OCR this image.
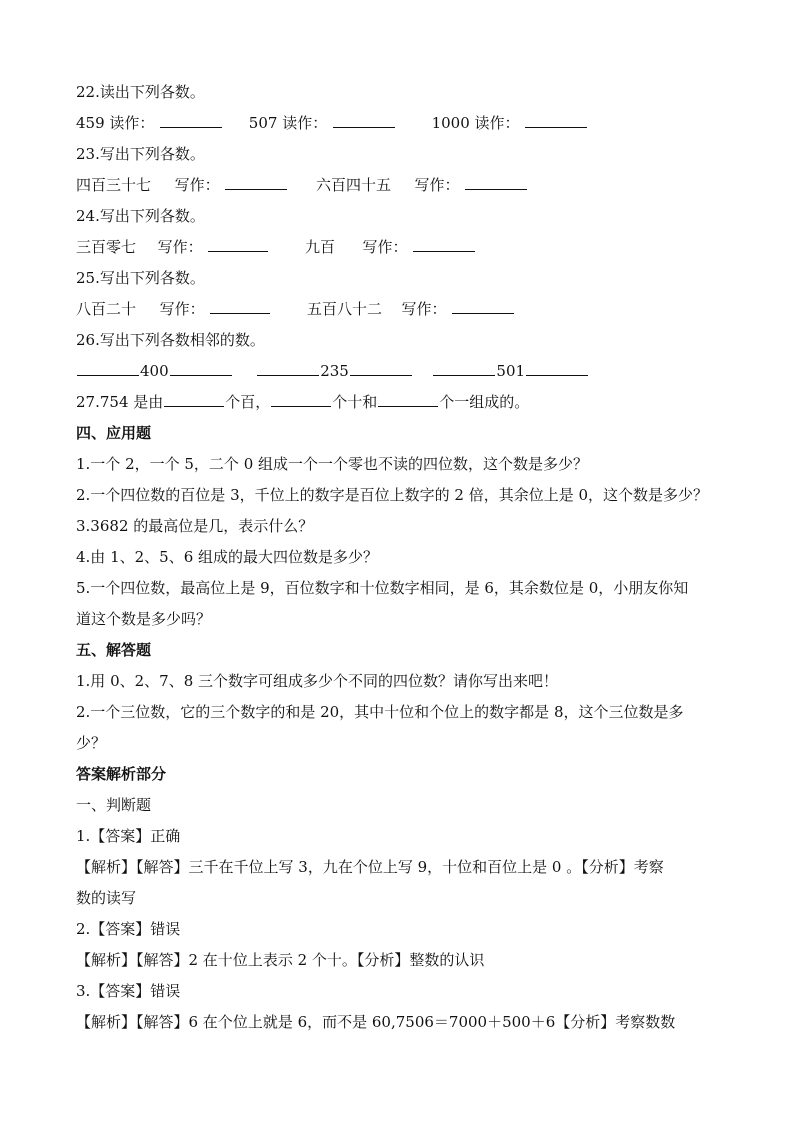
22.读出下列各数。
459 读作：	507 读作：	1000 读作：
23.写出下列各数。
四百三十七 写作：	六百四十五 写作：
24.写出下列各数。
三百零七 写作：	九百 写作：
25.写出下列各数。
八百二十 写作：	五百八十二 写作：
26.写出下列各数相邻的数。
400	235	501
27.754 是由	个百，	个十和	个一组成的。
四、应用题
1.一个 2，一个 5，二个 0 组成一个一个零也不读的四位数，这个数是多少？
2.一个四位数的百位是 3，千位上的数字是百位上数字的 2 倍，其余位上是 0，这个数是多少？
3.3682 的最高位是几，表示什么？
4.由 1、2、5、6 组成的最大四位数是多少？
5.一个四位数，最高位上是 9，百位数字和十位数字相同，是 6，其余数位是 0，小朋友你知
道这个数是多少吗？
五、解答题
1.用 0、2、7、8 三个数字可组成多少个不同的四位数？请你写出来吧！
2.一个三位数，它的三个数字的和是 20，其中十位和个位上的数字都是 8，这个三位数是多
少？
答案解析部分
一、判断题
1.【答案】正确
【解析】【解答】三千在千位上写 3，九在个位上写 9，十位和百位上是 0 。【分析】考察
数的读写
2.【答案】错误
【解析】【解答】2 在十位上表示 2 个十。【分析】整数的认识
3.【答案】错误
【解析】【解答】6 在个位上就是 6，而不是 60,7506＝7000＋500＋6【分析】考察数数
